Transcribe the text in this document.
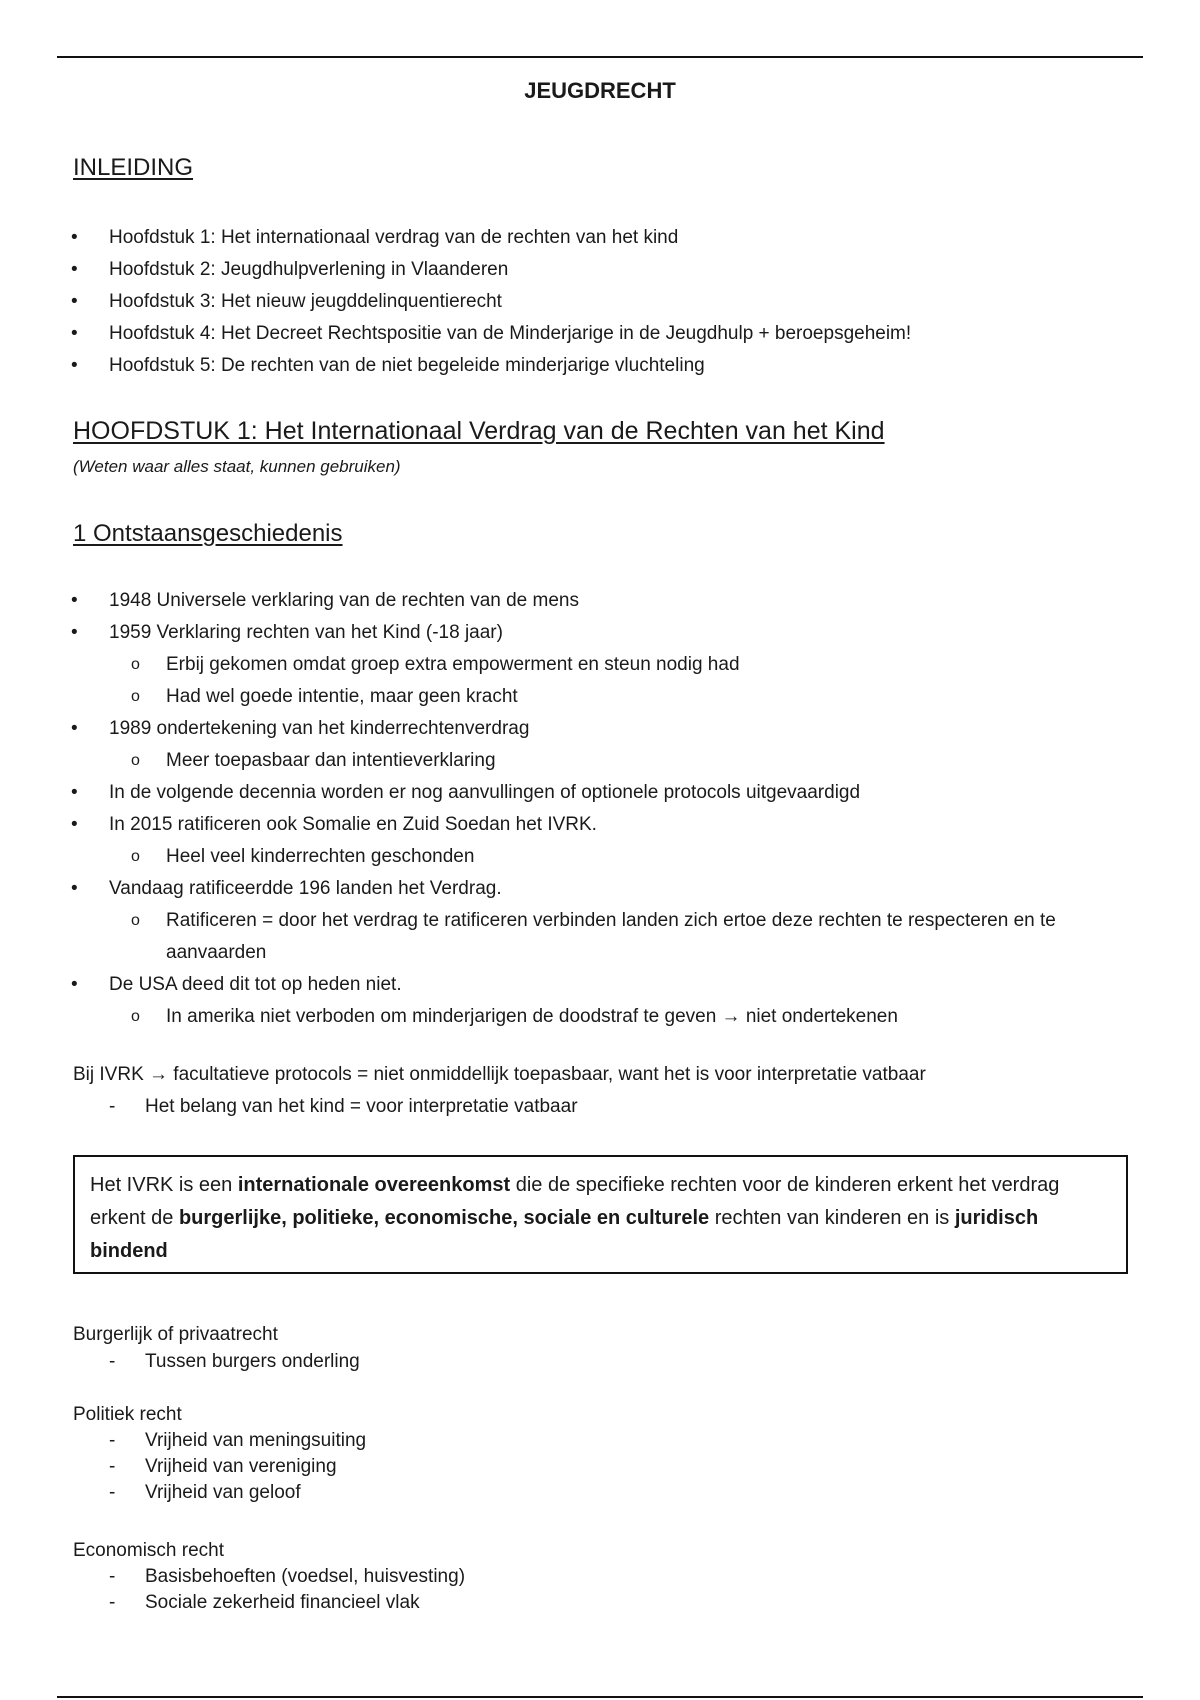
JEUGDRECHT
INLEIDING
• Hoofdstuk 1: Het internationaal verdrag van de rechten van het kind
• Hoofdstuk 2: Jeugdhulpverlening in Vlaanderen
• Hoofdstuk 3: Het nieuw jeugddelinquentierecht
• Hoofdstuk 4: Het Decreet Rechtspositie van de Minderjarige in de Jeugdhulp + beroepsgeheim!
• Hoofdstuk 5: De rechten van de niet begeleide minderjarige vluchteling
HOOFDSTUK 1: Het Internationaal Verdrag van de Rechten van het Kind
(Weten waar alles staat, kunnen gebruiken)
1 Ontstaansgeschiedenis
• 1948 Universele verklaring van de rechten van de mens
• 1959 Verklaring rechten van het Kind (-18 jaar)
o Erbij gekomen omdat groep extra empowerment en steun nodig had
o Had wel goede intentie, maar geen kracht
• 1989 ondertekening van het kinderrechtenverdrag
o Meer toepasbaar dan intentieverklaring
• In de volgende decennia worden er nog aanvullingen of optionele protocols uitgevaardigd
• In 2015 ratificeren ook Somalie en Zuid Soedan het IVRK.
o Heel veel kinderrechten geschonden
• Vandaag ratificeerdde 196 landen het Verdrag.
o Ratificeren = door het verdrag te ratificeren verbinden landen zich ertoe deze rechten te respecteren en te aanvaarden
• De USA deed dit tot op heden niet.
o In amerika niet verboden om minderjarigen de doodstraf te geven → niet ondertekenen
Bij IVRK → facultatieve protocols = niet onmiddellijk toepasbaar, want het is voor interpretatie vatbaar
- Het belang van het kind = voor interpretatie vatbaar
Het IVRK is een internationale overeenkomst die de specifieke rechten voor de kinderen erkent het verdrag erkent de burgerlijke, politieke, economische, sociale en culturele rechten van kinderen en is juridisch bindend
Burgerlijk of privaatrecht
- Tussen burgers onderling
Politiek recht
- Vrijheid van meningsuiting
- Vrijheid van vereniging
- Vrijheid van geloof
Economisch recht
- Basisbehoeften (voedsel, huisvesting)
- Sociale zekerheid financieel vlak
